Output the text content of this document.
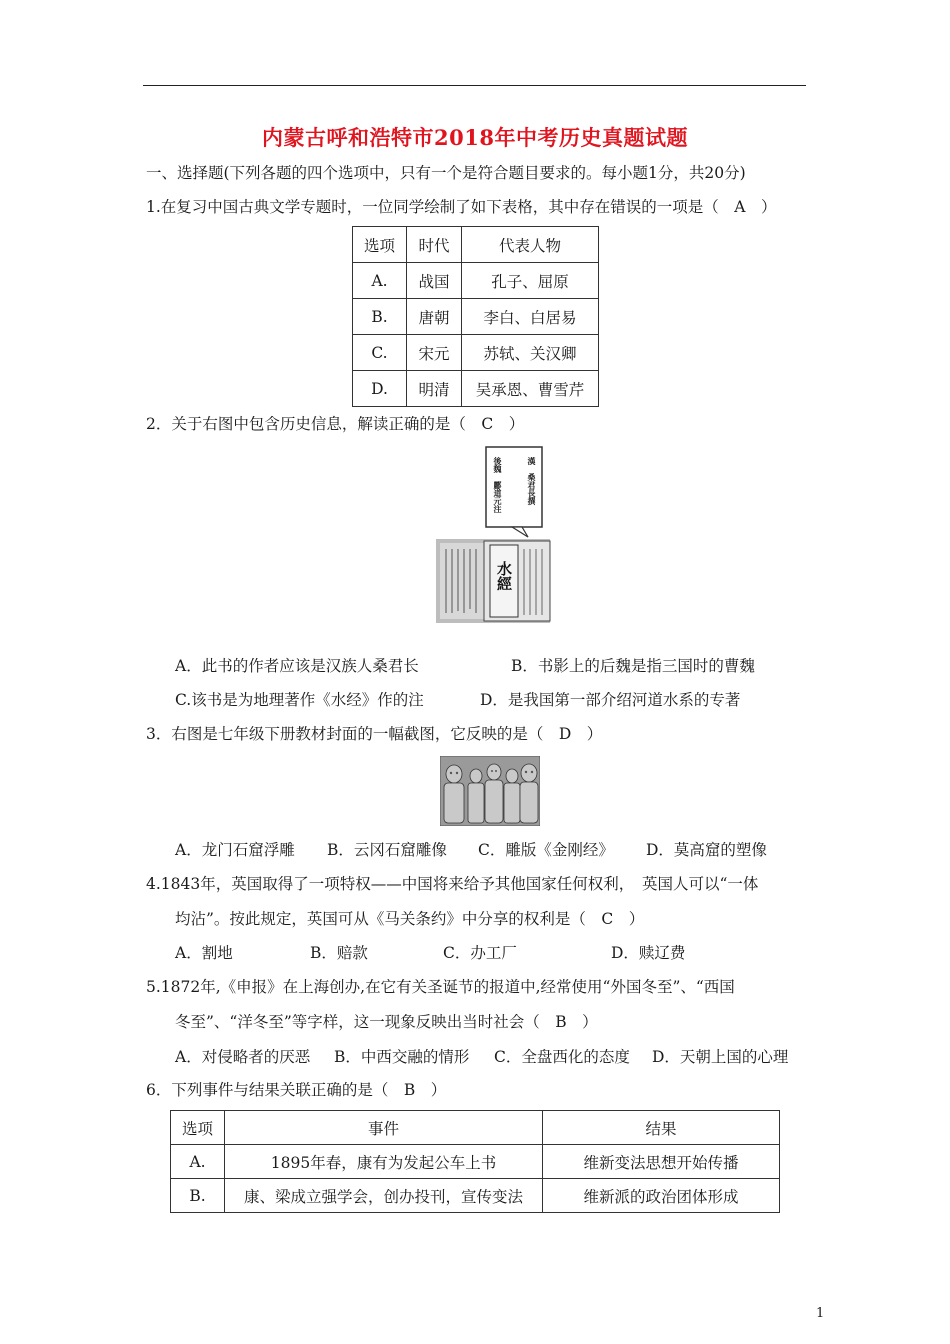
内蒙古呼和浩特市2018年中考历史真题试题
一、选择题(下列各题的四个选项中，只有一个是符合题目要求的。每小题1分，共20分)
1.在复习中国古典文学专题时，一位同学绘制了如下表格，其中存在错误的一项是（　A　）
选项	时代	代表人物
A.	战国	孔子、屈原
B.	唐朝	李白、白居易
C.	宋元	苏轼、关汉卿
D.	明清	吴承恩、曹雪芹
2．关于右图中包含历史信息，解读正确的是（　C　）
漢　桑君長撰
後魏　酈道元注
水經
A．此书的作者应该是汉族人桑君长	B．书影上的后魏是指三国时的曹魏
C.该书是为地理著作《水经》作的注	D．是我国第一部介绍河道水系的专著
3．右图是七年级下册教材封面的一幅截图，它反映的是（　D　）
A．龙门石窟浮雕 B．云冈石窟雕像 C．雕版《金刚经》 D．莫高窟的塑像
4.1843年，英国取得了一项特权——中国将来给予其他国家任何权利，　英国人可以“一体
均沾”。按此规定，英国可从《马关条约》中分享的权利是（　C　）
A．割地	B．赔款	C．办工厂	D．赎辽费
5.1872年,《申报》在上海创办,在它有关圣诞节的报道中,经常使用“外国冬至”、“西国
冬至”、“洋冬至”等字样，这一现象反映出当时社会（　B　）
A．对侵略者的厌恶 B．中西交融的情形 C．全盘西化的态度 D．天朝上国的心理
6．下列事件与结果关联正确的是（　B　）
选项	事件	结果
A.	1895年春，康有为发起公车上书	维新变法思想开始传播
B.	康、梁成立强学会，创办投刊，宣传变法	维新派的政治团体形成
1
